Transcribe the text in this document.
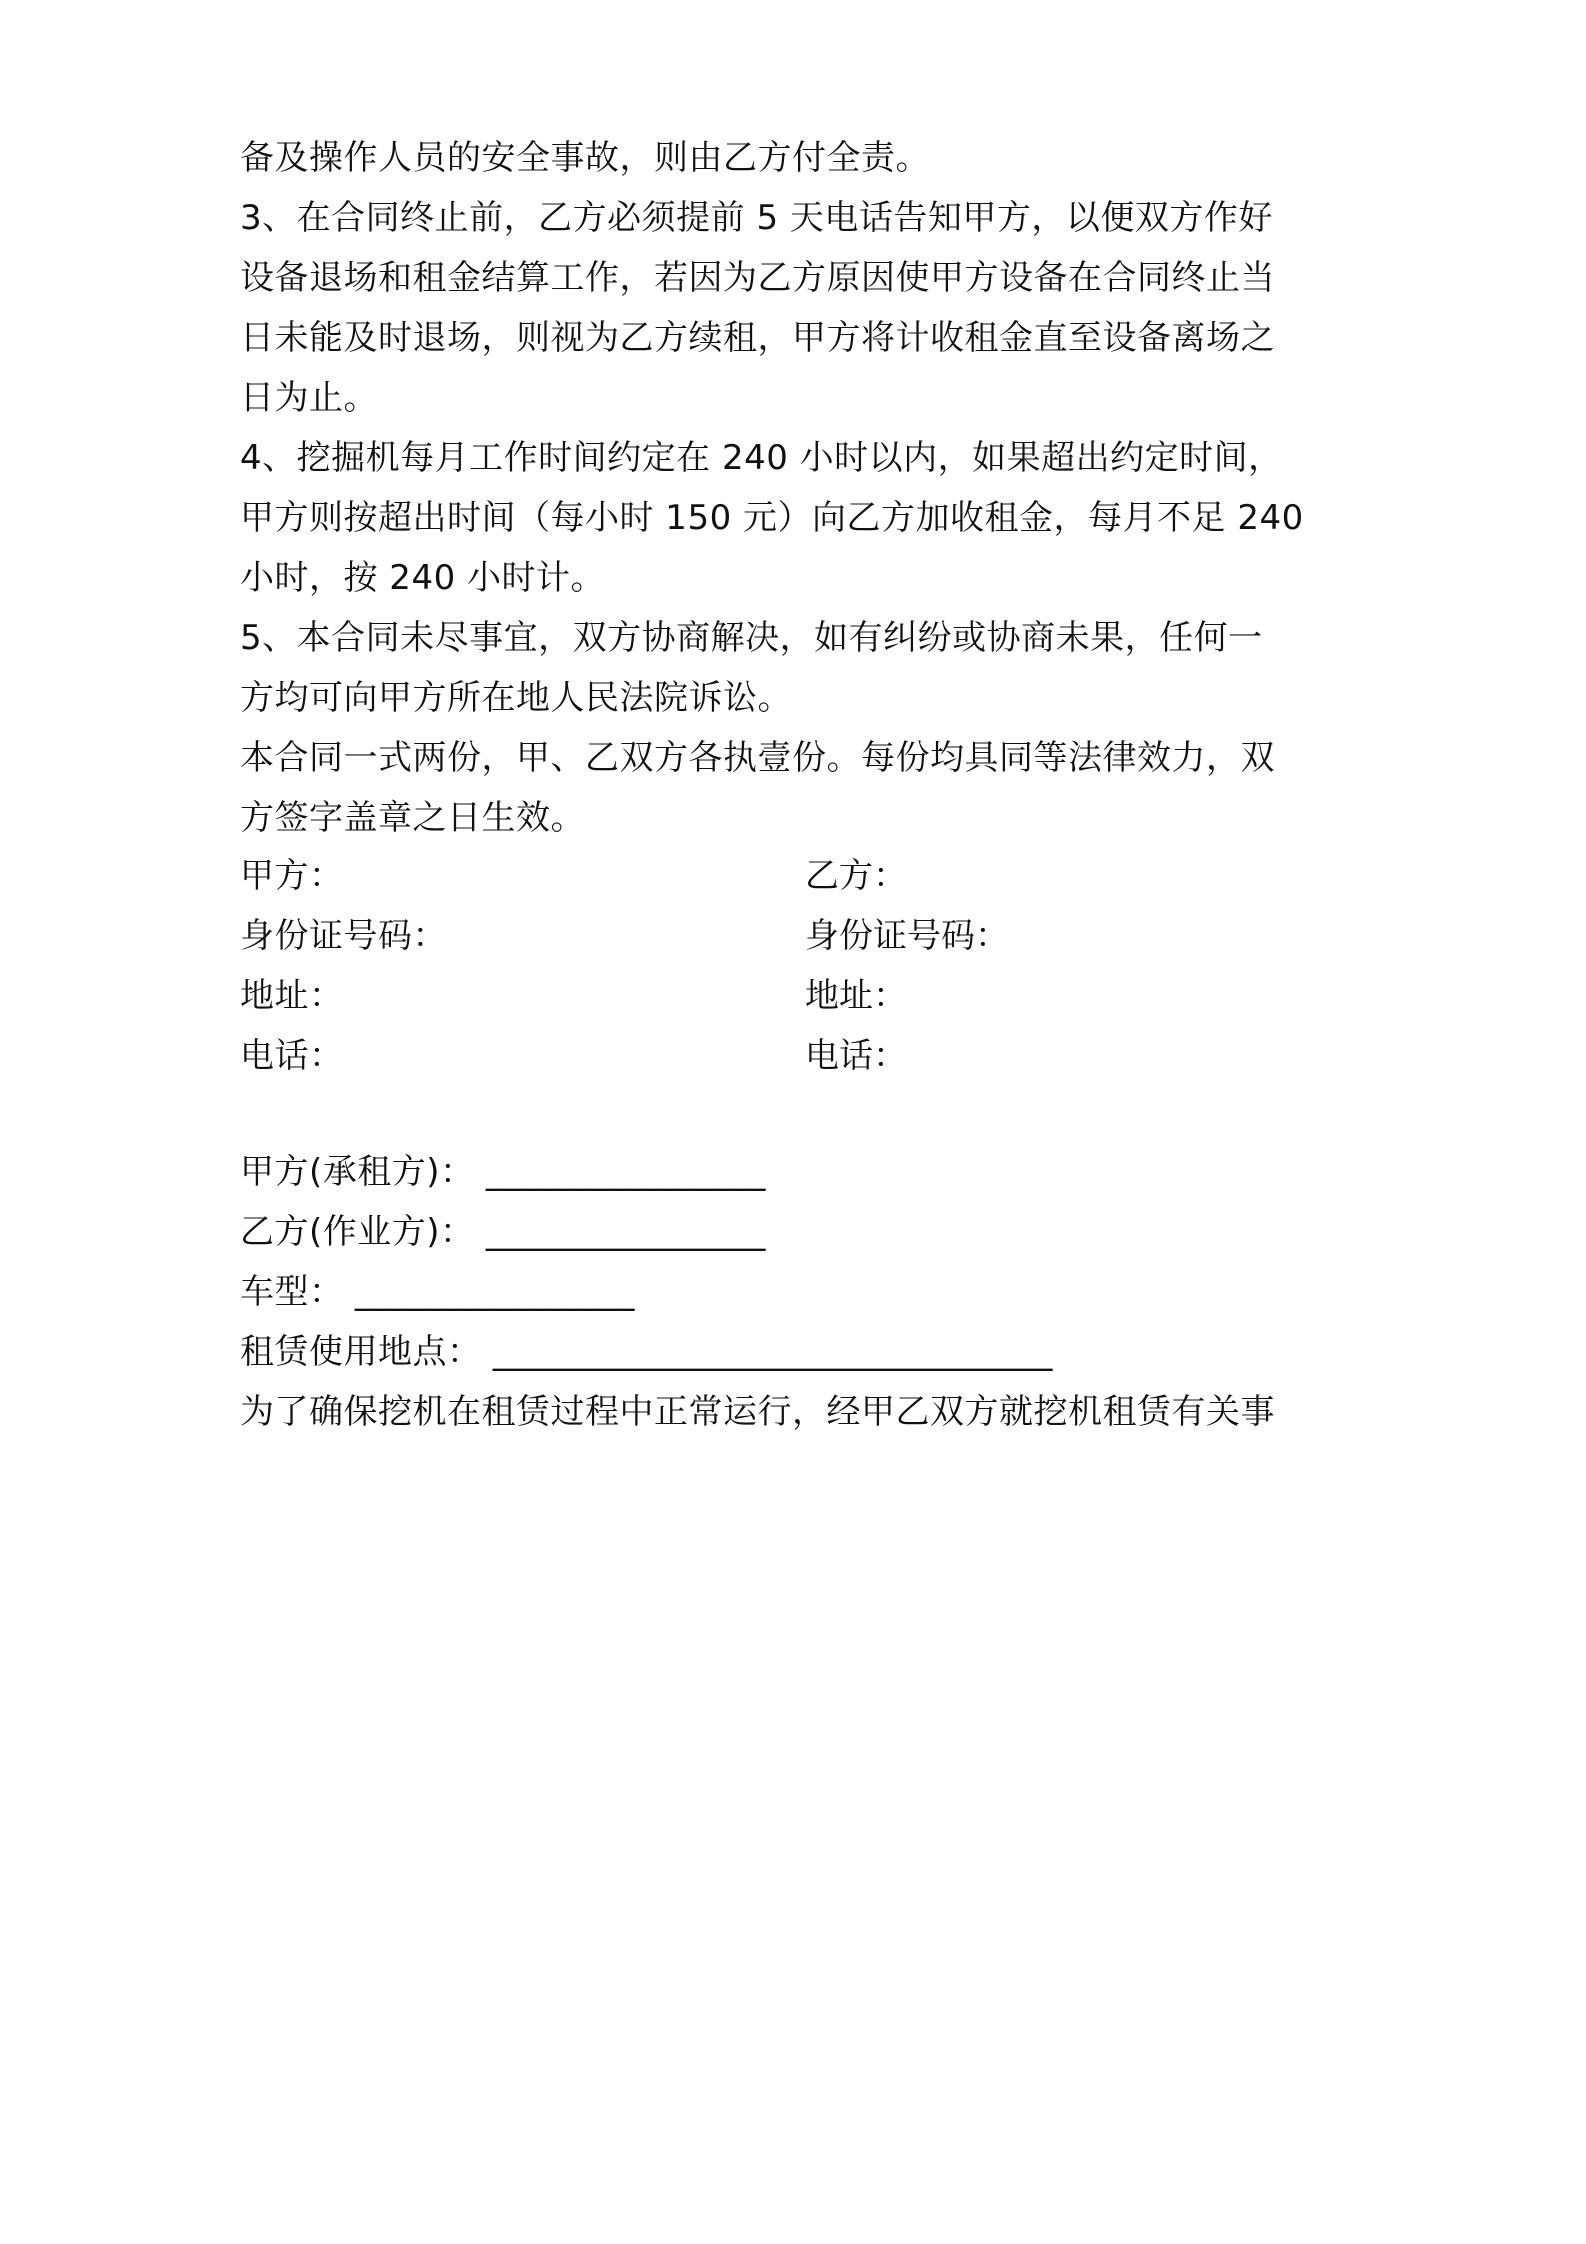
备及操作人员的安全事故，则由乙方付全责。
3、在合同终止前，乙方必须提前 5 天电话告知甲方，以便双方作好
设备退场和租金结算工作，若因为乙方原因使甲方设备在合同终止当
日未能及时退场，则视为乙方续租，甲方将计收租金直至设备离场之
日为止。
4、挖掘机每月工作时间约定在 240 小时以内，如果超出约定时间，
甲方则按超出时间（每小时 150 元）向乙方加收租金，每月不足 240
小时，按 240 小时计。
5、本合同未尽事宜，双方协商解决，如有纠纷或协商未果，任何一
方均可向甲方所在地人民法院诉讼。
本合同一式两份，甲、乙双方各执壹份。每份均具同等法律效力，双
方签字盖章之日生效。
甲方：
身份证号码：
地址：
电话：
乙方：
身份证号码：
地址：
电话：
甲方(承租方)： ________________
乙方(作业方)： ________________
车型： ________________
租赁使用地点： ________________________________
为了确保挖机在租赁过程中正常运行，经甲乙双方就挖机租赁有关事
